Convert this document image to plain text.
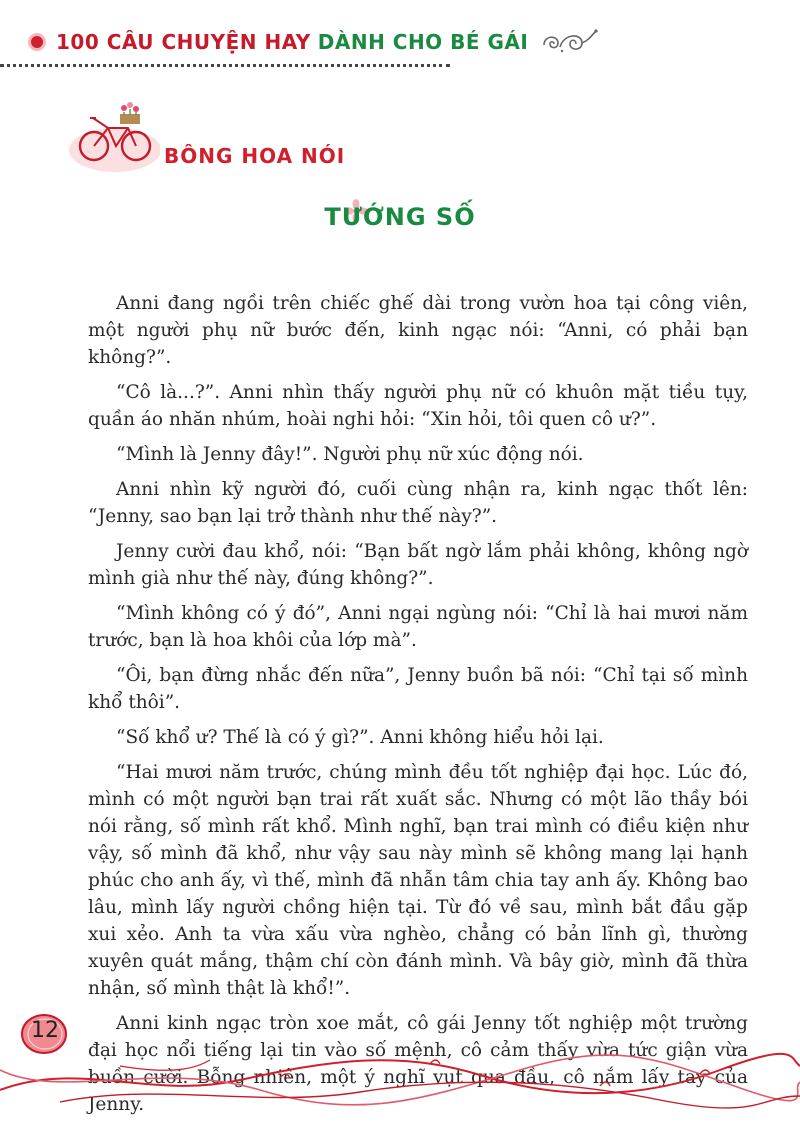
100 CÂU CHUYỆN HAY DÀNH CHO BÉ GÁI
BÔNG HOA NÓI
TƯỚNG SỐ

Anni đang ngồi trên chiếc ghế dài trong vườn hoa tại công viên, một người phụ nữ bước đến, kinh ngạc nói: “Anni, có phải bạn không?”.

“Cô là...?”. Anni nhìn thấy người phụ nữ có khuôn mặt tiều tụy, quần áo nhăn nhúm, hoài nghi hỏi: “Xin hỏi, tôi quen cô ư?”.

“Mình là Jenny đây!”. Người phụ nữ xúc động nói.

Anni nhìn kỹ người đó, cuối cùng nhận ra, kinh ngạc thốt lên: “Jenny, sao bạn lại trở thành như thế này?”.

Jenny cười đau khổ, nói: “Bạn bất ngờ lắm phải không, không ngờ mình già như thế này, đúng không?”.

“Mình không có ý đó”, Anni ngại ngùng nói: “Chỉ là hai mươi năm trước, bạn là hoa khôi của lớp mà”.

“Ôi, bạn đừng nhắc đến nữa”, Jenny buồn bã nói: “Chỉ tại số mình khổ thôi”.

“Số khổ ư? Thế là có ý gì?”. Anni không hiểu hỏi lại.

“Hai mươi năm trước, chúng mình đều tốt nghiệp đại học. Lúc đó, mình có một người bạn trai rất xuất sắc. Nhưng có một lão thầy bói nói rằng, số mình rất khổ. Mình nghĩ, bạn trai mình có điều kiện như vậy, số mình đã khổ, như vậy sau này mình sẽ không mang lại hạnh phúc cho anh ấy, vì thế, mình đã nhẫn tâm chia tay anh ấy. Không bao lâu, mình lấy người chồng hiện tại. Từ đó về sau, mình bắt đầu gặp xui xẻo. Anh ta vừa xấu vừa nghèo, chẳng có bản lĩnh gì, thường xuyên quát mắng, thậm chí còn đánh mình. Và bây giờ, mình đã thừa nhận, số mình thật là khổ!”.

Anni kinh ngạc tròn xoe mắt, cô gái Jenny tốt nghiệp một trường đại học nổi tiếng lại tin vào số mệnh, cô cảm thấy vừa tức giận vừa buồn cười. Bỗng nhiên, một ý nghĩ vụt qua đầu, cô nắm lấy tay của Jenny.

12
